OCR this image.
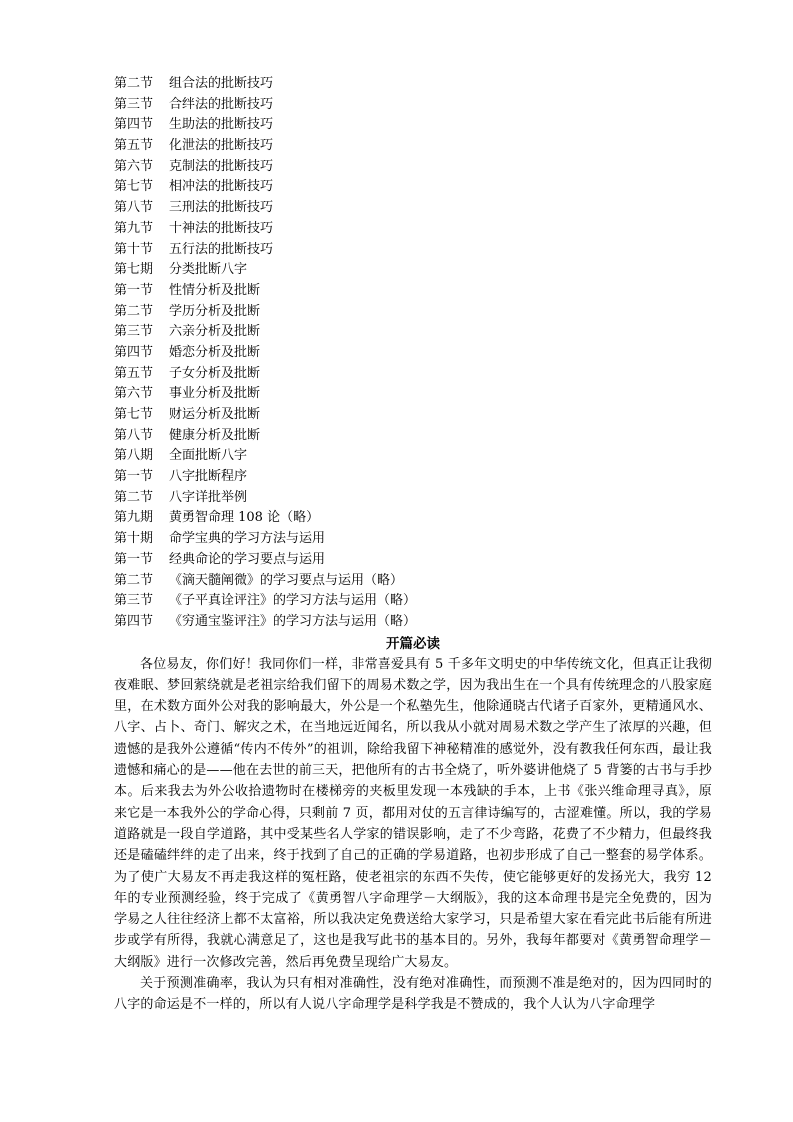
第二节 组合法的批断技巧
第三节 合绊法的批断技巧
第四节 生助法的批断技巧
第五节 化泄法的批断技巧
第六节 克制法的批断技巧
第七节 相冲法的批断技巧
第八节 三刑法的批断技巧
第九节 十神法的批断技巧
第十节 五行法的批断技巧
第七期 分类批断八字
第一节 性情分析及批断
第二节 学历分析及批断
第三节 六亲分析及批断
第四节 婚恋分析及批断
第五节 子女分析及批断
第六节 事业分析及批断
第七节 财运分析及批断
第八节 健康分析及批断
第八期 全面批断八字
第一节 八字批断程序
第二节 八字详批举例
第九期 黄勇智命理 108 论（略）
第十期 命学宝典的学习方法与运用
第一节 经典命论的学习要点与运用
第二节 《滴天髓阐微》的学习要点与运用（略）
第三节 《子平真诠评注》的学习方法与运用（略）
第四节 《穷通宝鉴评注》的学习方法与运用（略）
开篇必读

各位易友，你们好！我同你们一样，非常喜爱具有 5 千多年文明史的中华传统文化，但真正让我彻夜难眠、梦回萦绕就是老祖宗给我们留下的周易术数之学，因为我出生在一个具有传统理念的八股家庭里，在术数方面外公对我的影响最大，外公是一个私塾先生，他除通晓古代诸子百家外，更精通风水、八字、占卜、奇门、解灾之术，在当地远近闻名，所以我从小就对周易术数之学产生了浓厚的兴趣，但遗憾的是我外公遵循“传内不传外”的祖训，除给我留下神秘精准的感觉外，没有教我任何东西，最让我遗憾和痛心的是——他在去世的前三天，把他所有的古书全烧了，听外婆讲他烧了 5 背篓的古书与手抄本。后来我去为外公收拾遗物时在楼梯旁的夹板里发现一本残缺的手本，上书《张兴维命理寻真》，原来它是一本我外公的学命心得，只剩前 7 页，都用对仗的五言律诗编写的，古涩难懂。所以，我的学易道路就是一段自学道路，其中受某些名人学家的错误影响，走了不少弯路，花费了不少精力，但最终我还是磕磕绊绊的走了出来，终于找到了自己的正确的学易道路，也初步形成了自己一整套的易学体系。为了使广大易友不再走我这样的冤枉路，使老祖宗的东西不失传，使它能够更好的发扬光大，我穷 12 年的专业预测经验，终于完成了《黄勇智八字命理学－大纲版》，我的这本命理书是完全免费的，因为学易之人往往经济上都不太富裕，所以我决定免费送给大家学习，只是希望大家在看完此书后能有所进步或学有所得，我就心满意足了，这也是我写此书的基本目的。另外，我每年都要对《黄勇智命理学－大纲版》进行一次修改完善，然后再免费呈现给广大易友。

关于预测准确率，我认为只有相对准确性，没有绝对准确性，而预测不准是绝对的，因为四同时的八字的命运是不一样的，所以有人说八字命理学是科学我是不赞成的，我个人认为八字命理学
